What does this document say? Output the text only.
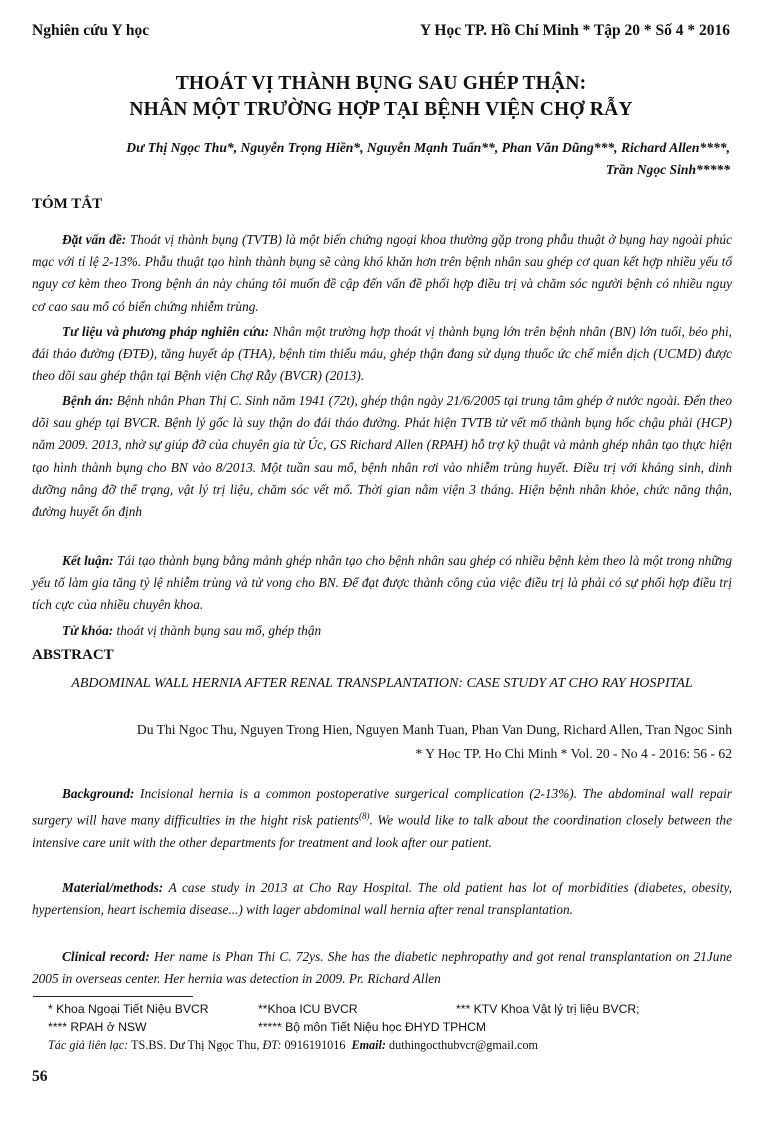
Nghiên cứu Y học	Y Học TP. Hồ Chí Minh * Tập 20 * Số 4 * 2016
THOÁT VỊ THÀNH BỤNG SAU GHÉP THẬN:
NHÂN MỘT TRƯỜNG HỢP TẠI BỆNH VIỆN CHỢ RẪY
Dư Thị Ngọc Thu*, Nguyễn Trọng Hiền*, Nguyễn Mạnh Tuấn**, Phan Văn Dũng***, Richard Allen****,
Trần Ngọc Sinh*****
TÓM TẮT
Đặt vấn đề: Thoát vị thành bụng (TVTB) là một biến chứng ngoại khoa thường gặp trong phẫu thuật ở bụng hay ngoài phúc mạc với tỉ lệ 2-13%. Phẫu thuật tạo hình thành bụng sẽ càng khó khăn hơn trên bệnh nhân sau ghép cơ quan kết hợp nhiều yếu tố nguy cơ kèm theo Trong bệnh án này chúng tôi muốn đề cập đến vấn đề phối hợp điều trị và chăm sóc người bệnh có nhiều nguy cơ cao sau mổ có biến chứng nhiễm trùng.
Tư liệu và phương pháp nghiên cứu: Nhân một trường hợp thoát vị thành bụng lớn trên bệnh nhân (BN) lớn tuổi, béo phì, đái tháo đường (ĐTĐ), tăng huyết áp (THA), bệnh tim thiếu máu, ghép thận đang sử dụng thuốc ức chế miễn dịch (UCMD) được theo dõi sau ghép thận tại Bệnh viện Chợ Rẫy (BVCR) (2013).
Bệnh án: Bệnh nhân Phan Thị C. Sinh năm 1941 (72t), ghép thận ngày 21/6/2005 tại trung tâm ghép ở nước ngoài. Đến theo dõi sau ghép tại BVCR. Bệnh lý gốc là suy thận do đái tháo đường. Phát hiện TVTB từ vết mổ thành bụng hốc chậu phải (HCP) năm 2009. 2013, nhờ sự giúp đỡ của chuyên gia từ Úc, GS Richard Allen (RPAH) hỗ trợ kỹ thuật và mảnh ghép nhân tạo thực hiện tạo hình thành bụng cho BN vào 8/2013. Một tuần sau mổ, bệnh nhân rơi vào nhiễm trùng huyết. Điều trị với kháng sinh, dinh dưỡng nâng đỡ thể trạng, vật lý trị liệu, chăm sóc vết mổ. Thời gian nằm viện 3 tháng. Hiện bệnh nhân khỏe, chức năng thận, đường huyết ổn định
Kết luận: Tái tạo thành bụng bằng mảnh ghép nhân tạo cho bệnh nhân sau ghép có nhiều bệnh kèm theo là một trong những yếu tố làm gia tăng tỷ lệ nhiễm trùng và tử vong cho BN. Để đạt được thành công của việc điều trị là phải có sự phối hợp điều trị tích cực của nhiều chuyên khoa.
Từ khóa: thoát vị thành bụng sau mổ, ghép thận
ABSTRACT
ABDOMINAL WALL HERNIA AFTER RENAL TRANSPLANTATION: CASE STUDY AT CHO RAY HOSPITAL
Du Thi Ngoc Thu, Nguyen Trong Hien, Nguyen Manh Tuan, Phan Van Dung, Richard Allen, Tran Ngoc Sinh
* Y Hoc TP. Ho Chi Minh * Vol. 20 - No 4 - 2016: 56 - 62
Background: Incisional hernia is a common postoperative surgerical complication (2-13%). The abdominal wall repair surgery will have many difficulties in the hight risk patients$^{(8)}$. We would like to talk about the coordination closely between the intensive care unit with the other departments for treatment and look after our patient.
Material/methods: A case study in 2013 at Cho Ray Hospital. The old patient has lot of morbidities (diabetes, obesity, hypertension, heart ischemia disease...) with lager abdominal wall hernia after renal transplantation.
Clinical record: Her name is Phan Thi C. 72ys. She has the diabetic nephropathy and got renal transplantation on 21June 2005 in overseas center. Her hernia was detection in 2009. Pr. Richard Allen
* Khoa Ngoại Tiết Niệu BVCR	**Khoa ICU BVCR	*** KTV Khoa Vật lý trị liệu BVCR;
**** RPAH ở NSW	***** Bộ môn Tiết Niệu học ĐHYD TPHCM
Tác giả liên lạc: TS.BS. Dư Thị Ngọc Thu, ĐT: 0916191016 Email: duthingocthubvcr@gmail.com
56
